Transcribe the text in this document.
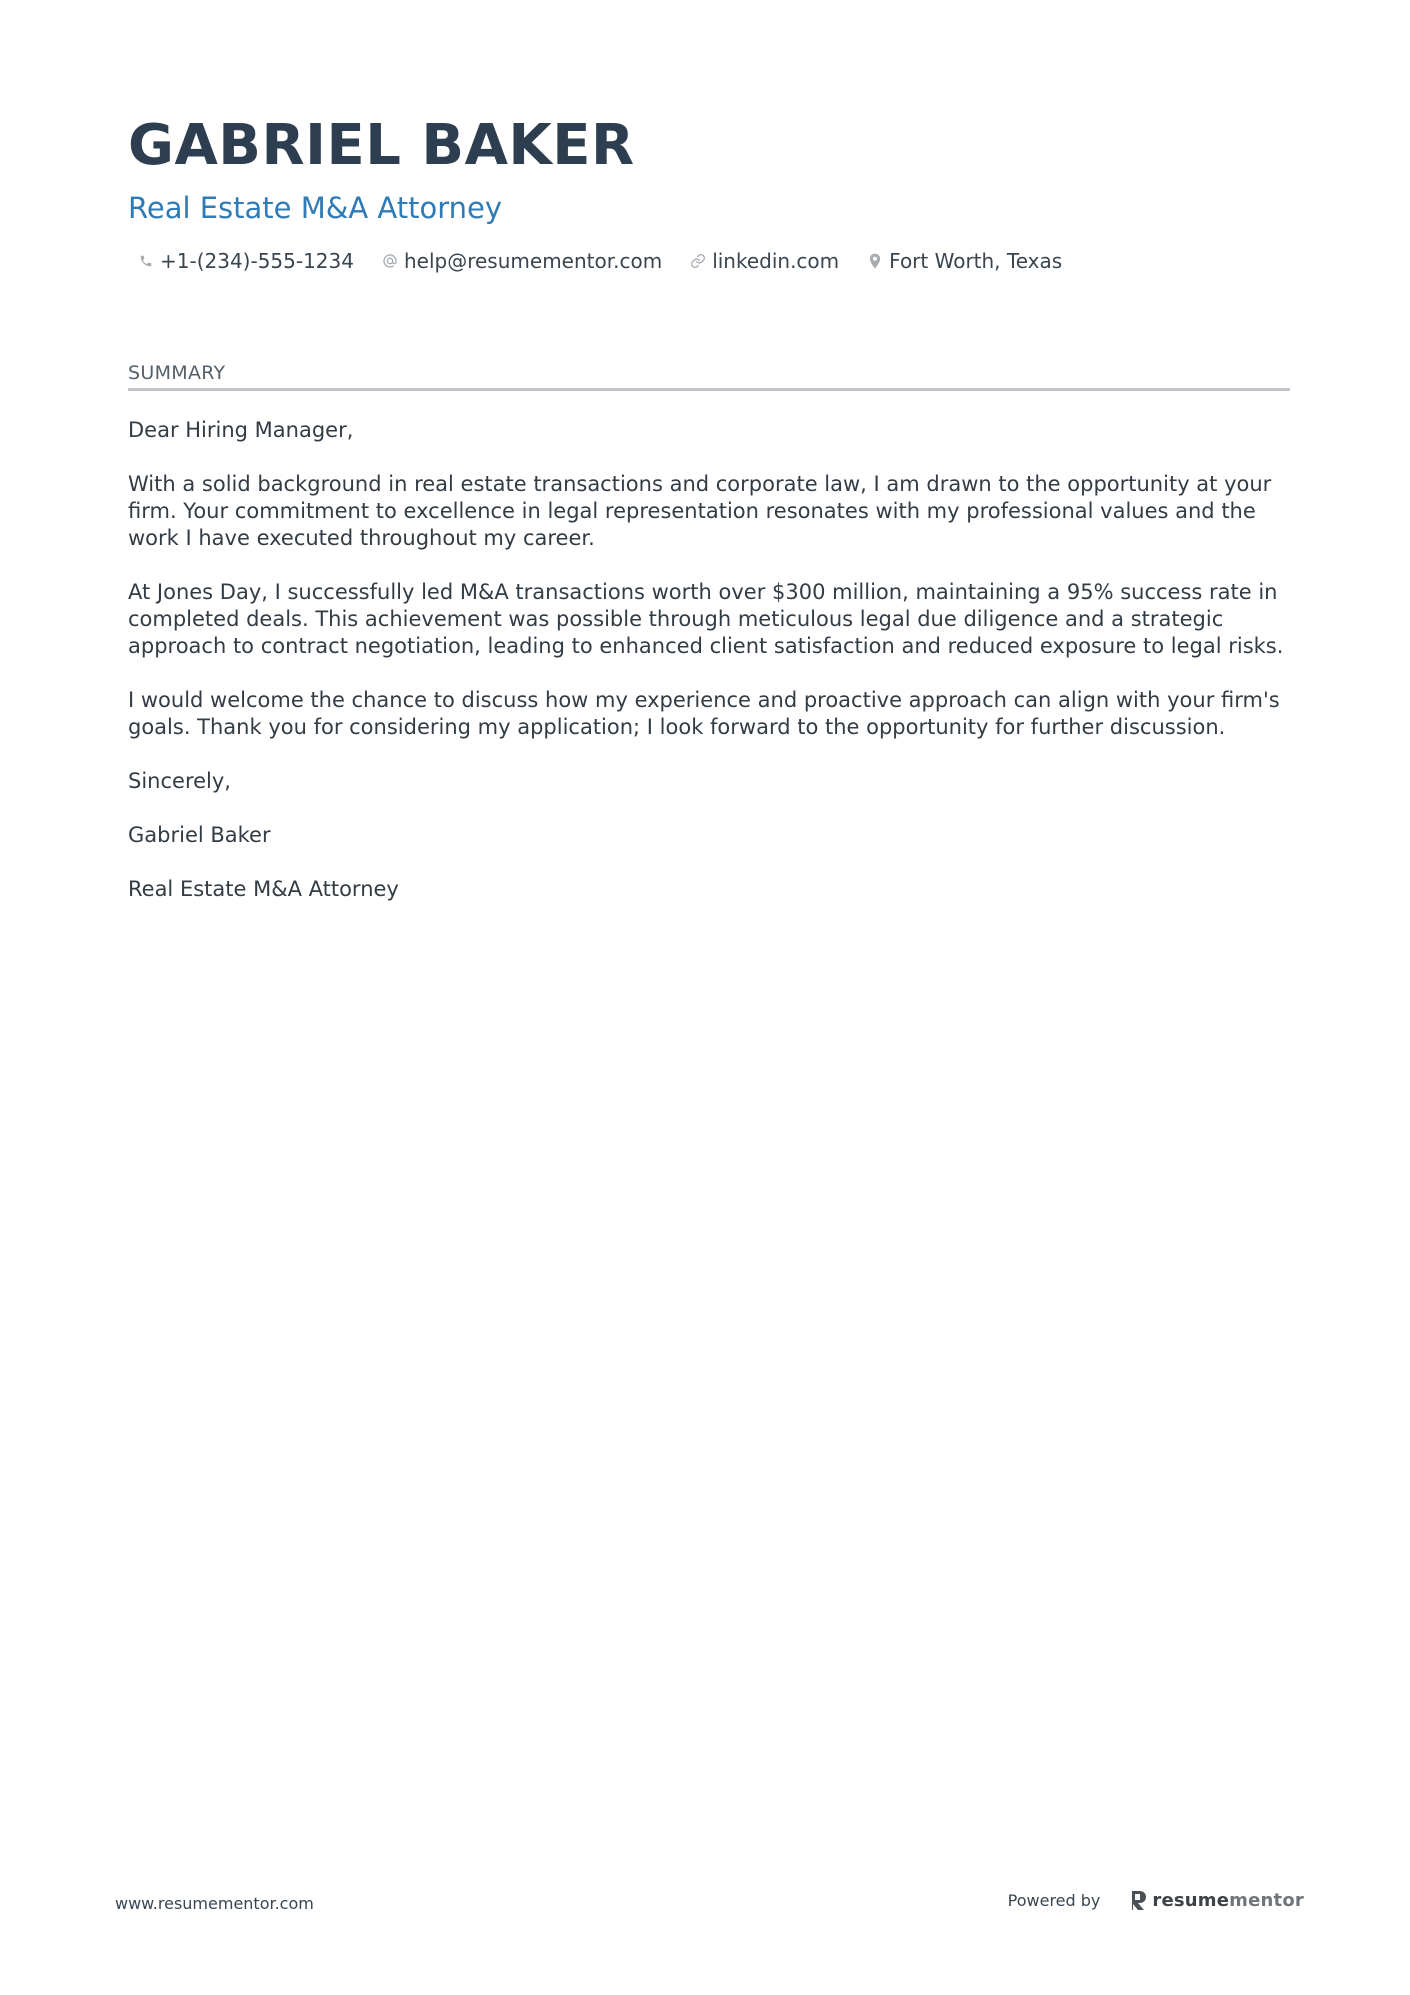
GABRIEL BAKER
Real Estate M&A Attorney
+1-(234)-555-1234	help@resumementor.com	linkedin.com	Fort Worth, Texas
SUMMARY

Dear Hiring Manager,

With a solid background in real estate transactions and corporate law, I am drawn to the opportunity at your firm. Your commitment to excellence in legal representation resonates with my professional values and the work I have executed throughout my career.

At Jones Day, I successfully led M&A transactions worth over $300 million, maintaining a 95% success rate in completed deals. This achievement was possible through meticulous legal due diligence and a strategic approach to contract negotiation, leading to enhanced client satisfaction and reduced exposure to legal risks.

I would welcome the chance to discuss how my experience and proactive approach can align with your firm's goals. Thank you for considering my application; I look forward to the opportunity for further discussion.

Sincerely,

Gabriel Baker

Real Estate M&A Attorney

www.resumementor.com	Powered by	resume mentor
